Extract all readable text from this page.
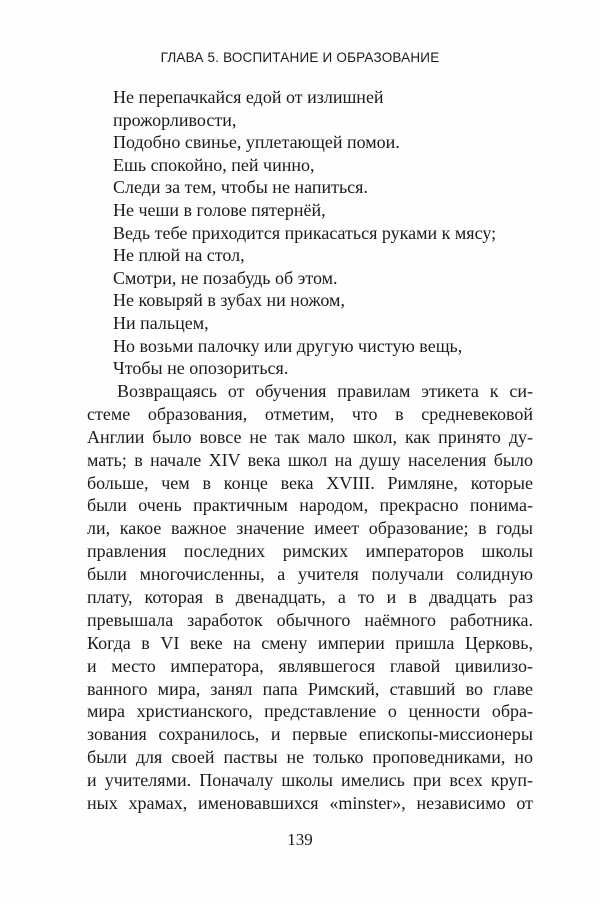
ГЛАВА 5. ВОСПИТАНИЕ И ОБРАЗОВАНИЕ
Не перепачкайся едой от излишней
прожорливости,
Подобно свинье, уплетающей помои.
Ешь спокойно, пей чинно,
Следи за тем, чтобы не напиться.
Не чеши в голове пятернёй,
Ведь тебе приходится прикасаться руками к мясу;
Не плюй на стол,
Смотри, не позабудь об этом.
Не ковыряй в зубах ни ножом,
Ни пальцем,
Но возьми палочку или другую чистую вещь,
Чтобы не опозориться.
Возвращаясь от обучения правилам этикета к си-
стеме образования, отметим, что в средневековой
Англии было вовсе не так мало школ, как принято ду-
мать; в начале XIV века школ на душу населения было
больше, чем в конце века XVIII. Римляне, которые
были очень практичным народом, прекрасно понима-
ли, какое важное значение имеет образование; в годы
правления последних римских императоров школы
были многочисленны, а учителя получали солидную
плату, которая в двенадцать, а то и в двадцать раз
превышала заработок обычного наёмного работника.
Когда в VI веке на смену империи пришла Церковь,
и место императора, являвшегося главой цивилизо-
ванного мира, занял папа Римский, ставший во главе
мира христианского, представление о ценности обра-
зования сохранилось, и первые епископы-миссионеры
были для своей паствы не только проповедниками, но
и учителями. Поначалу школы имелись при всех круп-
ных храмах, именовавшихся «minster», независимо от
139
